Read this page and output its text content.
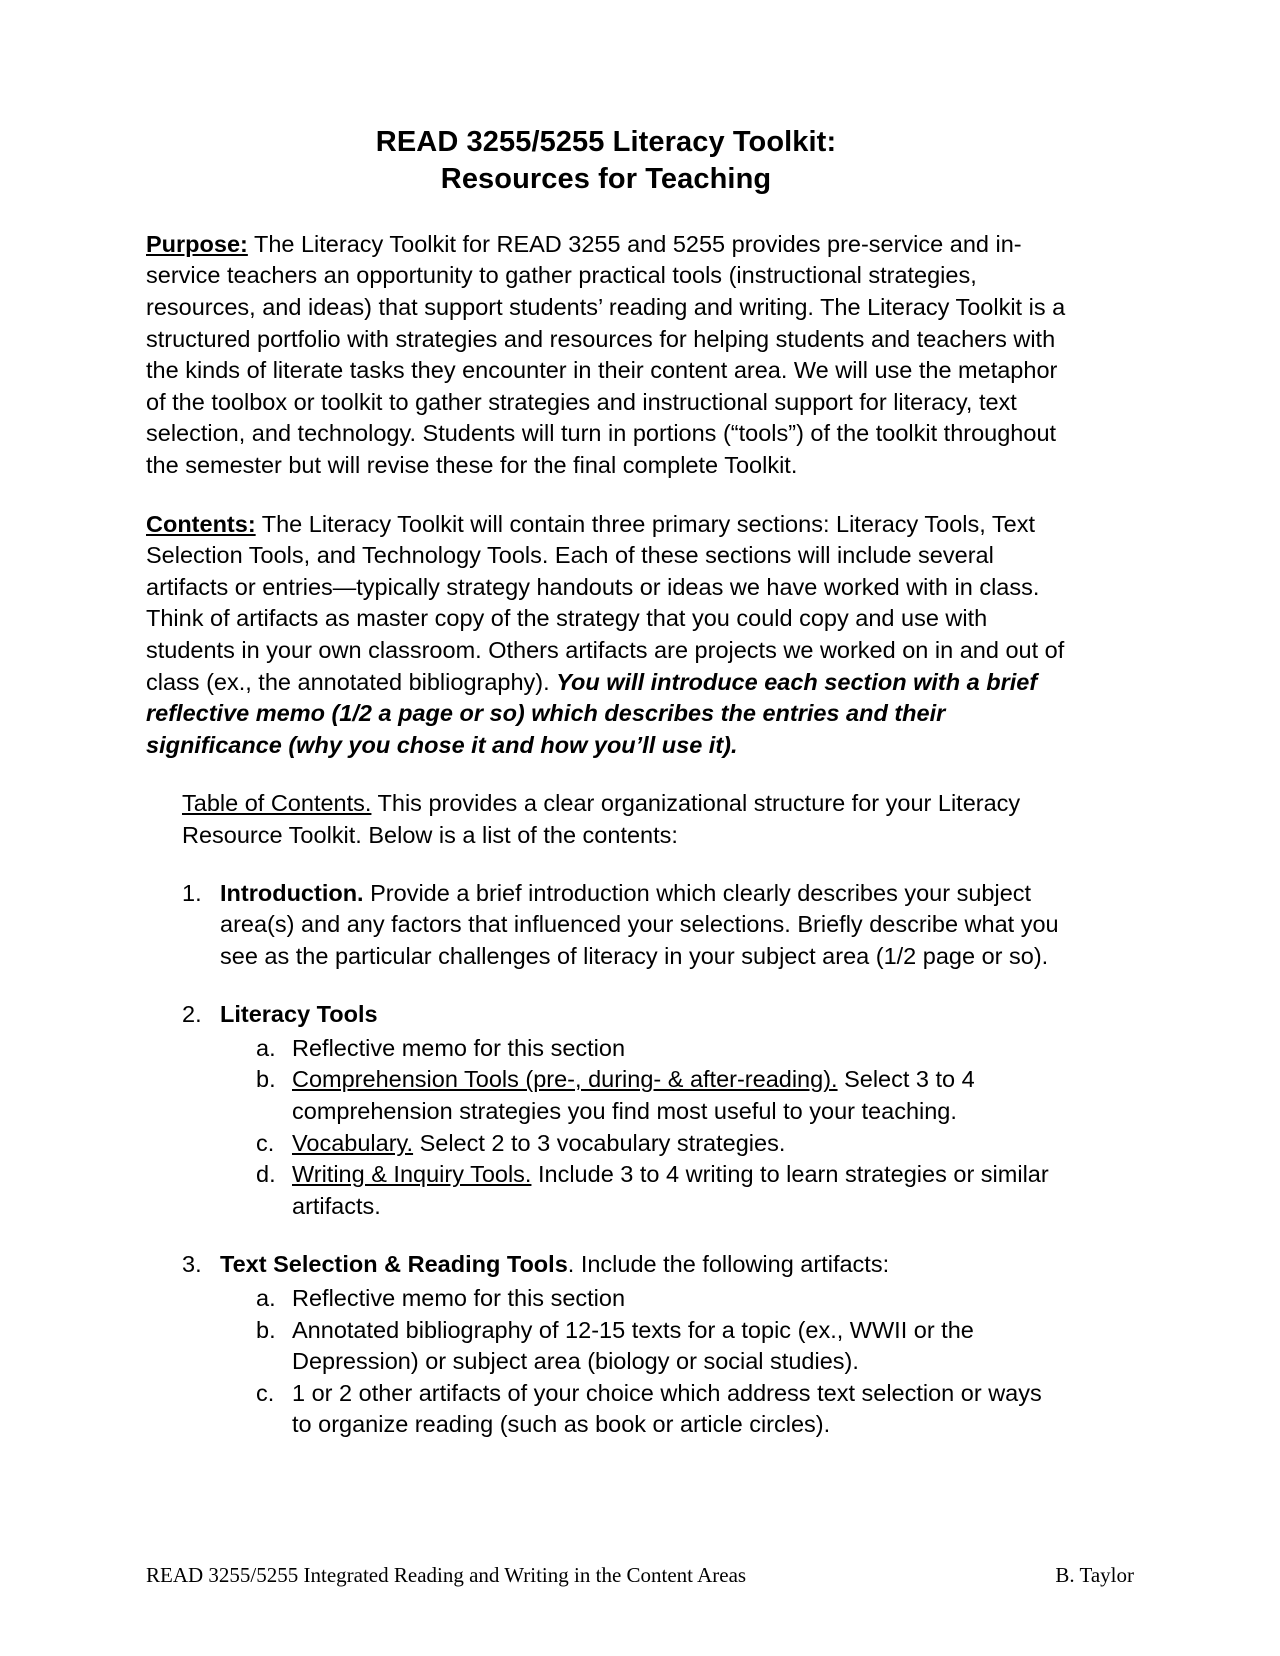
READ 3255/5255 Literacy Toolkit:
Resources for Teaching

Purpose: The Literacy Toolkit for READ 3255 and 5255 provides pre-service and in-service teachers an opportunity to gather practical tools (instructional strategies, resources, and ideas) that support students’ reading and writing. The Literacy Toolkit is a structured portfolio with strategies and resources for helping students and teachers with the kinds of literate tasks they encounter in their content area. We will use the metaphor of the toolbox or toolkit to gather strategies and instructional support for literacy, text selection, and technology. Students will turn in portions (“tools”) of the toolkit throughout the semester but will revise these for the final complete Toolkit.

Contents: The Literacy Toolkit will contain three primary sections: Literacy Tools, Text Selection Tools, and Technology Tools. Each of these sections will include several artifacts or entries—typically strategy handouts or ideas we have worked with in class. Think of artifacts as master copy of the strategy that you could copy and use with students in your own classroom. Others artifacts are projects we worked on in and out of class (ex., the annotated bibliography). You will introduce each section with a brief reflective memo (1/2 a page or so) which describes the entries and their significance (why you chose it and how you’ll use it).

Table of Contents. This provides a clear organizational structure for your Literacy Resource Toolkit. Below is a list of the contents:

1. Introduction. Provide a brief introduction which clearly describes your subject area(s) and any factors that influenced your selections. Briefly describe what you see as the particular challenges of literacy in your subject area (1/2 page or so).
2. Literacy Tools
a. Reflective memo for this section
b. Comprehension Tools (pre-, during- & after-reading). Select 3 to 4 comprehension strategies you find most useful to your teaching.
c. Vocabulary. Select 2 to 3 vocabulary strategies.
d. Writing & Inquiry Tools. Include 3 to 4 writing to learn strategies or similar artifacts.
3. Text Selection & Reading Tools. Include the following artifacts:
a. Reflective memo for this section
b. Annotated bibliography of 12-15 texts for a topic (ex., WWII or the Depression) or subject area (biology or social studies).
c. 1 or 2 other artifacts of your choice which address text selection or ways to organize reading (such as book or article circles).
READ 3255/5255 Integrated Reading and Writing in the Content Areas	B. Taylor
